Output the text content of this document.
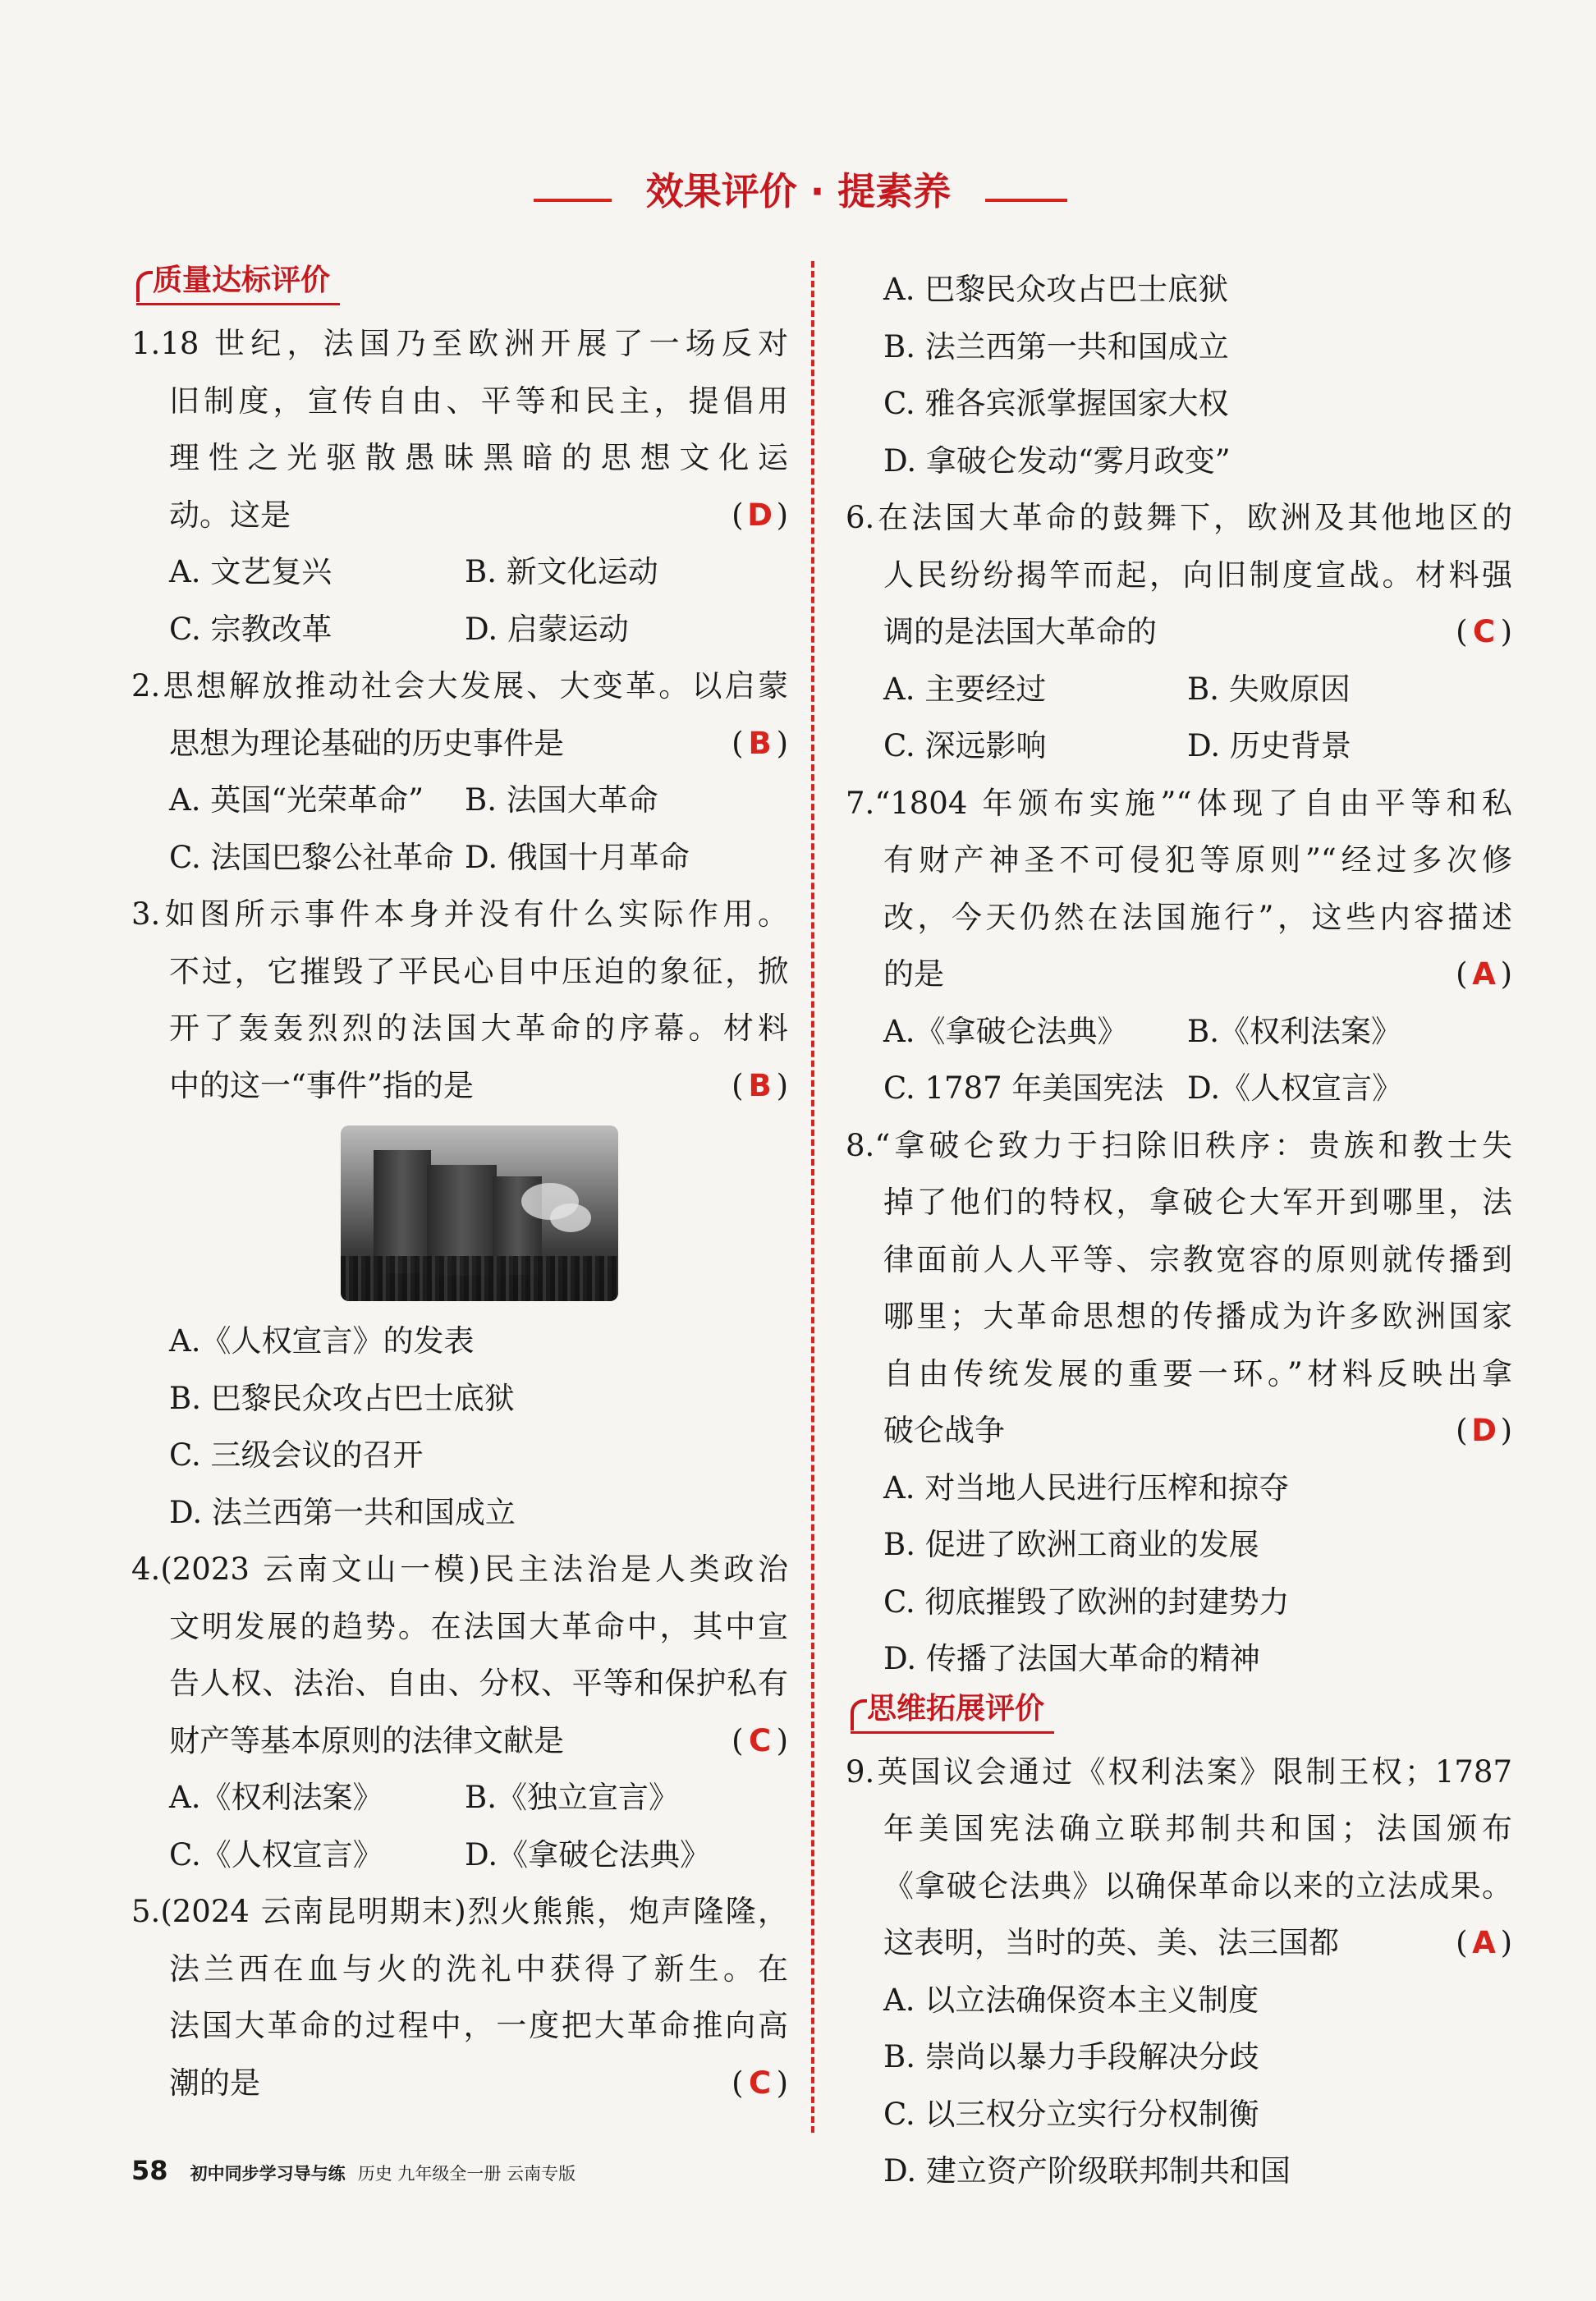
效果评价 · 提素养
质量达标评价
1.18 世纪，法国乃至欧洲开展了一场反对
旧制度，宣传自由、平等和民主，提倡用
理性之光驱散愚昧黑暗的思想文化运
动。这是	( D )
A. 文艺复兴	B. 新文化运动
C. 宗教改革	D. 启蒙运动
2.思想解放推动社会大发展、大变革。以启蒙
思想为理论基础的历史事件是	( B )
A. 英国“光荣革命”	B. 法国大革命
C. 法国巴黎公社革命 D. 俄国十月革命
3.如图所示事件本身并没有什么实际作用。
不过，它摧毁了平民心目中压迫的象征，掀
开了轰轰烈烈的法国大革命的序幕。材料
中的这一“事件”指的是	( B )
A.《人权宣言》的发表
B. 巴黎民众攻占巴士底狱
C. 三级会议的召开
D. 法兰西第一共和国成立
4.(2023 云南文山一模)民主法治是人类政治
文明发展的趋势。在法国大革命中，其中宣
告人权、法治、自由、分权、平等和保护私有
财产等基本原则的法律文献是	( C )
A.《权利法案》	B.《独立宣言》
C.《人权宣言》	D.《拿破仑法典》
5.(2024 云南昆明期末)烈火熊熊，炮声隆隆，
法兰西在血与火的洗礼中获得了新生。在
法国大革命的过程中，一度把大革命推向高
潮的是	( C )
A. 巴黎民众攻占巴士底狱
B. 法兰西第一共和国成立
C. 雅各宾派掌握国家大权
D. 拿破仑发动“雾月政变”
6.在法国大革命的鼓舞下，欧洲及其他地区的
人民纷纷揭竿而起，向旧制度宣战。材料强
调的是法国大革命的	( C )
A. 主要经过	B. 失败原因
C. 深远影响	D. 历史背景
7.“1804 年颁布实施”“体现了自由平等和私
有财产神圣不可侵犯等原则”“经过多次修
改，今天仍然在法国施行”，这些内容描述
的是	( A )
A.《拿破仑法典》	B.《权利法案》
C. 1787 年美国宪法 D.《人权宣言》
8.“拿破仑致力于扫除旧秩序：贵族和教士失
掉了他们的特权，拿破仑大军开到哪里，法
律面前人人平等、宗教宽容的原则就传播到
哪里；大革命思想的传播成为许多欧洲国家
自由传统发展的重要一环。”材料反映出拿
破仑战争	( D )
A. 对当地人民进行压榨和掠夺
B. 促进了欧洲工商业的发展
C. 彻底摧毁了欧洲的封建势力
D. 传播了法国大革命的精神
思维拓展评价
9.英国议会通过《权利法案》限制王权；1787
年美国宪法确立联邦制共和国；法国颁布
《拿破仑法典》以确保革命以来的立法成果。
这表明，当时的英、美、法三国都	( A )
A. 以立法确保资本主义制度
B. 崇尚以暴力手段解决分歧
C. 以三权分立实行分权制衡
D. 建立资产阶级联邦制共和国
58 初中同步学习导与练 历史 九年级全一册 云南专版
